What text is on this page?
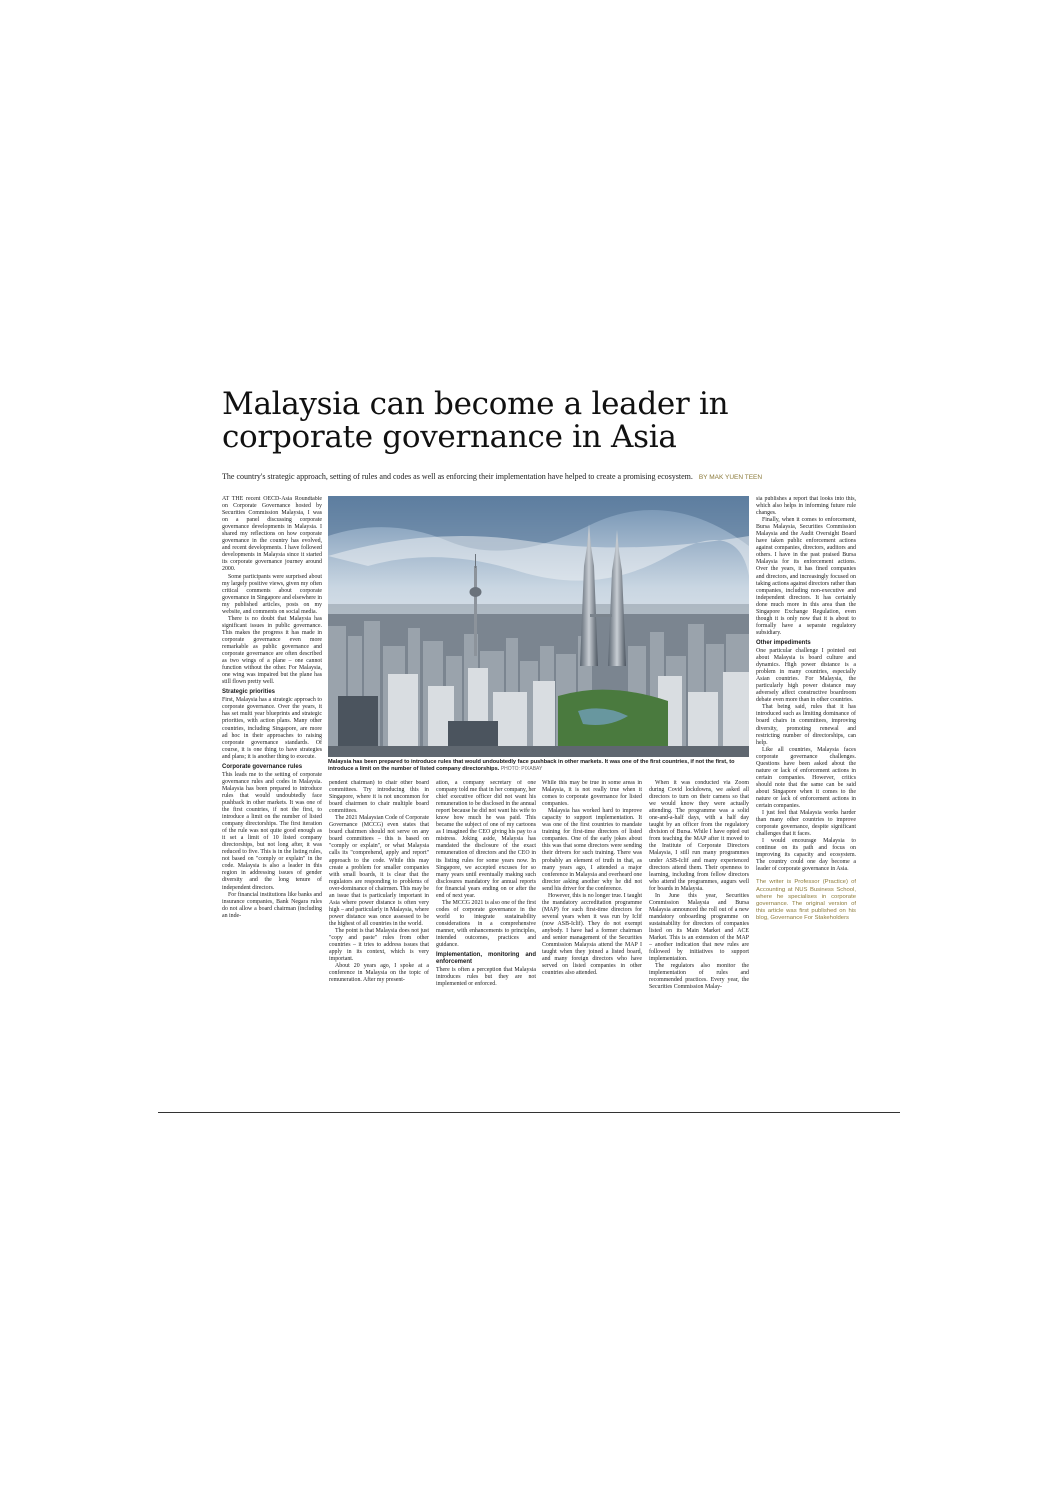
Malaysia can become a leader in corporate governance in Asia
The country's strategic approach, setting of rules and codes as well as enforcing their implementation have helped to create a promising ecosystem. BY MAK YUEN TEEN

AT THE recent OECD-Asia Roundtable on Corporate Governance hosted by Securities Commission Malaysia, I was on a panel discussing corporate governance developments in Malaysia. I shared my reflections on how corporate governance in the country has evolved, and recent developments. I have followed developments in Malaysia since it started its corporate governance journey around 2000.

Some participants were surprised about my largely positive views, given my often critical comments about corporate governance in Singapore and elsewhere in my published articles, posts on my website, and comments on social media.

There is no doubt that Malaysia has significant issues in public governance. This makes the progress it has made in corporate governance even more remarkable as public governance and corporate governance are often described as two wings of a plane – one cannot function without the other. For Malaysia, one wing was impaired but the plane has still flown pretty well.

Strategic priorities

First, Malaysia has a strategic approach to corporate governance. Over the years, it has set multi year blueprints and strategic priorities, with action plans. Many other countries, including Singapore, are more ad hoc in their approaches to raising corporate governance standards. Of course, it is one thing to have strategies and plans; it is another thing to execute.

Corporate governance rules

This leads me to the setting of corporate governance rules and codes in Malaysia. Malaysia has been prepared to introduce rules that would undoubtedly face pushback in other markets. It was one of the first countries, if not the first, to introduce a limit on the number of listed company directorships. The first iteration of the rule was not quite good enough as it set a limit of 10 listed company directorships, but not long after, it was reduced to five. This is in the listing rules, not based on "comply or explain" in the code. Malaysia is also a leader in this region in addressing issues of gender diversity and the long tenure of independent directors.

For financial institutions like banks and insurance companies, Bank Negara rules do not allow a board chairman (including an inde-

Malaysia has been prepared to introduce rules that would undoubtedly face pushback in other markets. It was one of the first countries, if not the first, to introduce a limit on the number of listed company directorships. PHOTO: PIXABAY

pendent chairman) to chair other board committees. Try introducing this in Singapore, where it is not uncommon for board chairmen to chair multiple board committees.

The 2021 Malaysian Code of Corporate Governance (MCCG) even states that board chairmen should not serve on any board committees – this is based on "comply or explain", or what Malaysia calls its "comprehend, apply and report" approach to the code. While this may create a problem for smaller companies with small boards, it is clear that the regulators are responding to problems of over-dominance of chairmen. This may be an issue that is particularly important in Asia where power distance is often very high – and particularly in Malaysia, where power distance was once assessed to be the highest of all countries in the world.

The point is that Malaysia does not just "copy and paste" rules from other countries – it tries to address issues that apply in its context, which is very important.

About 20 years ago, I spoke at a conference in Malaysia on the topic of remuneration. After my present-

ation, a company secretary of one company told me that in her company, her chief executive officer did not want his remuneration to be disclosed in the annual report because he did not want his wife to know how much he was paid. This became the subject of one of my cartoons as I imagined the CEO giving his pay to a mistress. Joking aside, Malaysia has mandated the disclosure of the exact remuneration of directors and the CEO in its listing rules for some years now. In Singapore, we accepted excuses for so many years until eventually making such disclosures mandatory for annual reports for financial years ending on or after the end of next year.

The MCCG 2021 is also one of the first codes of corporate governance in the world to integrate sustainability considerations in a comprehensive manner, with enhancements to principles, intended outcomes, practices and guidance.

Implementation, monitoring and enforcement

There is often a perception that Malaysia introduces rules but they are not implemented or enforced.

While this may be true in some areas in Malaysia, it is not really true when it comes to corporate governance for listed companies.

Malaysia has worked hard to improve capacity to support implementation. It was one of the first countries to mandate training for first-time directors of listed companies. One of the early jokes about this was that some directors were sending their drivers for such training. There was probably an element of truth in that, as many years ago, I attended a major conference in Malaysia and overheard one director asking another why he did not send his driver for the conference.

However, this is no longer true. I taught the mandatory accreditation programme (MAP) for such first-time directors for several years when it was run by Iclif (now ASB-Iclif). They do not exempt anybody. I have had a former chairman and senior management of the Securities Commission Malaysia attend the MAP I taught when they joined a listed board, and many foreign directors who have served on listed companies in other countries also attended.

When it was conducted via Zoom during Covid lockdowns, we asked all directors to turn on their camera so that we would know they were actually attending. The programme was a solid one-and-a-half days, with a half day taught by an officer from the regulatory division of Bursa. While I have opted out from teaching the MAP after it moved to the Institute of Corporate Directors Malaysia, I still run many programmes under ASB-Iclif and many experienced directors attend them. Their openness to learning, including from fellow directors who attend the programmes, augurs well for boards in Malaysia.

In June this year, Securities Commission Malaysia and Bursa Malaysia announced the roll out of a new mandatory onboarding programme on sustainability for directors of companies listed on its Main Market and ACE Market. This is an extension of the MAP – another indication that new rules are followed by initiatives to support implementation.

The regulators also monitor the implementation of rules and recommended practices. Every year, the Securities Commission Malay-

sia publishes a report that looks into this, which also helps in informing future rule changes.

Finally, when it comes to enforcement, Bursa Malaysia, Securities Commission Malaysia and the Audit Oversight Board have taken public enforcement actions against companies, directors, auditors and others. I have in the past praised Bursa Malaysia for its enforcement actions. Over the years, it has fined companies and directors, and increasingly focused on taking actions against directors rather than companies, including non-executive and independent directors. It has certainly done much more in this area than the Singapore Exchange Regulation, even though it is only now that it is about to formally have a separate regulatory subsidiary.

Other impediments

One particular challenge I pointed out about Malaysia is board culture and dynamics. High power distance is a problem in many countries, especially Asian countries. For Malaysia, the particularly high power distance may adversely affect constructive boardroom debate even more than in other countries.

That being said, rules that it has introduced such as limiting dominance of board chairs in committees, improving diversity, promoting renewal and restricting number of directorships, can help.

Like all countries, Malaysia faces corporate governance challenges. Questions have been asked about the nature or lack of enforcement actions in certain companies. However, critics should note that the same can be said about Singapore when it comes to the nature or lack of enforcement actions in certain companies.

I just feel that Malaysia works harder than many other countries to improve corporate governance, despite significant challenges that it faces.

I would encourage Malaysia to continue on its path and focus on improving its capacity and ecosystem. The country could one day become a leader of corporate governance in Asia.

The writer is Professor (Practice) of Accounting at NUS Business School, where he specialises in corporate governance. The original version of this article was first published on his blog, Governance For Stakeholders
